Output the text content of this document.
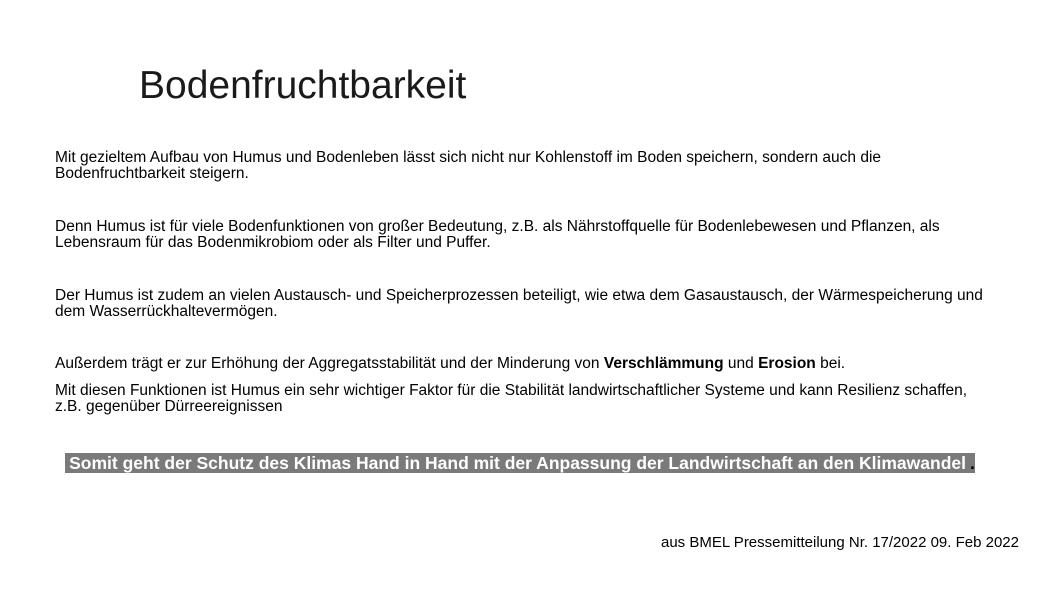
Bodenfruchtbarkeit
Mit gezieltem Aufbau von Humus und Bodenleben lässt sich nicht nur Kohlenstoff im Boden speichern, sondern auch die Bodenfruchtbarkeit steigern.
Denn Humus ist für viele Bodenfunktionen von großer Bedeutung, z.B. als Nährstoffquelle für Bodenlebewesen und Pflanzen, als Lebensraum für das Bodenmikrobiom oder als Filter und Puffer.
Der Humus ist zudem an vielen Austausch- und Speicherprozessen beteiligt, wie etwa dem Gasaustausch, der Wärmespeicherung und dem Wasserrückhaltevermögen.
Außerdem trägt er zur Erhöhung der Aggregatsstabilität und der Minderung von Verschlämmung und Erosion bei.
Mit diesen Funktionen ist Humus ein sehr wichtiger Faktor für die Stabilität landwirtschaftlicher Systeme und kann Resilienz schaffen, z.B. gegenüber Dürreereignissen
Somit geht der Schutz des Klimas Hand in Hand mit der Anpassung der Landwirtschaft an den Klimawandel .
aus BMEL Pressemitteilung Nr. 17/2022 09. Feb 2022
